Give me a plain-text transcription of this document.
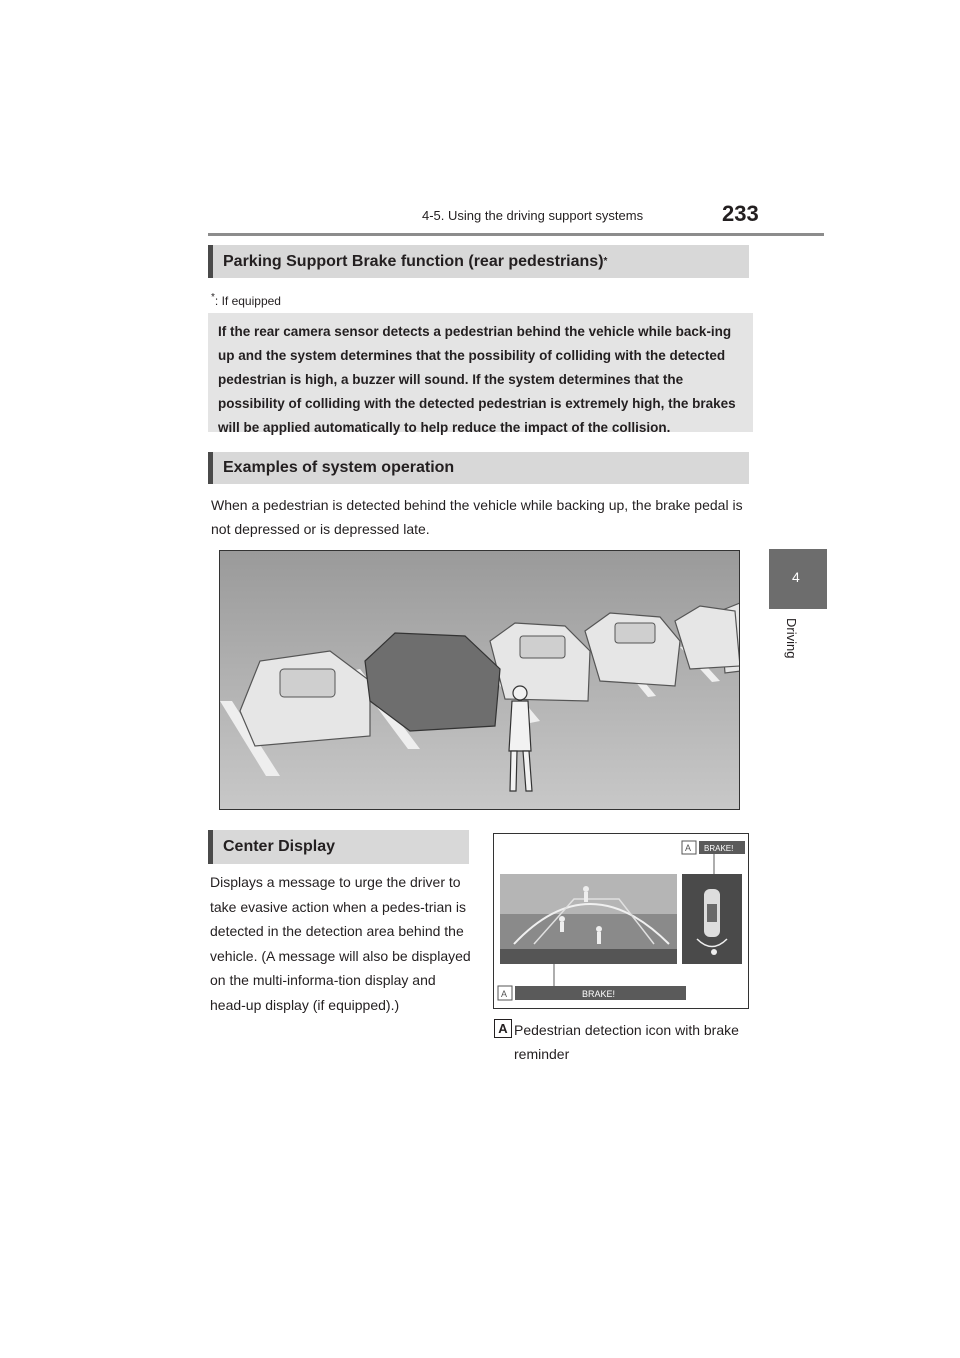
4-5. Using the driving support systems	233
4
Driving
Parking Support Brake function (rear pedestrians) *
*: If equipped
If the rear camera sensor detects a pedestrian behind the vehicle while back-ing up and the system determines that the possibility of colliding with the detected pedestrian is high, a buzzer will sound. If the system determines that the possibility of colliding with the detected pedestrian is extremely high, the brakes will be applied automatically to help reduce the impact of the collision.
Examples of system operation
When a pedestrian is detected behind the vehicle while backing up, the brake pedal is not depressed or is depressed late.
Center Display
Displays a message to urge the driver to take evasive action when a pedes-trian is detected in the detection area behind the vehicle. (A message will also be displayed on the multi-informa-tion display and head-up display (if equipped).)
A BRAKE!
A	BRAKE!
A Pedestrian detection icon with brake reminder
